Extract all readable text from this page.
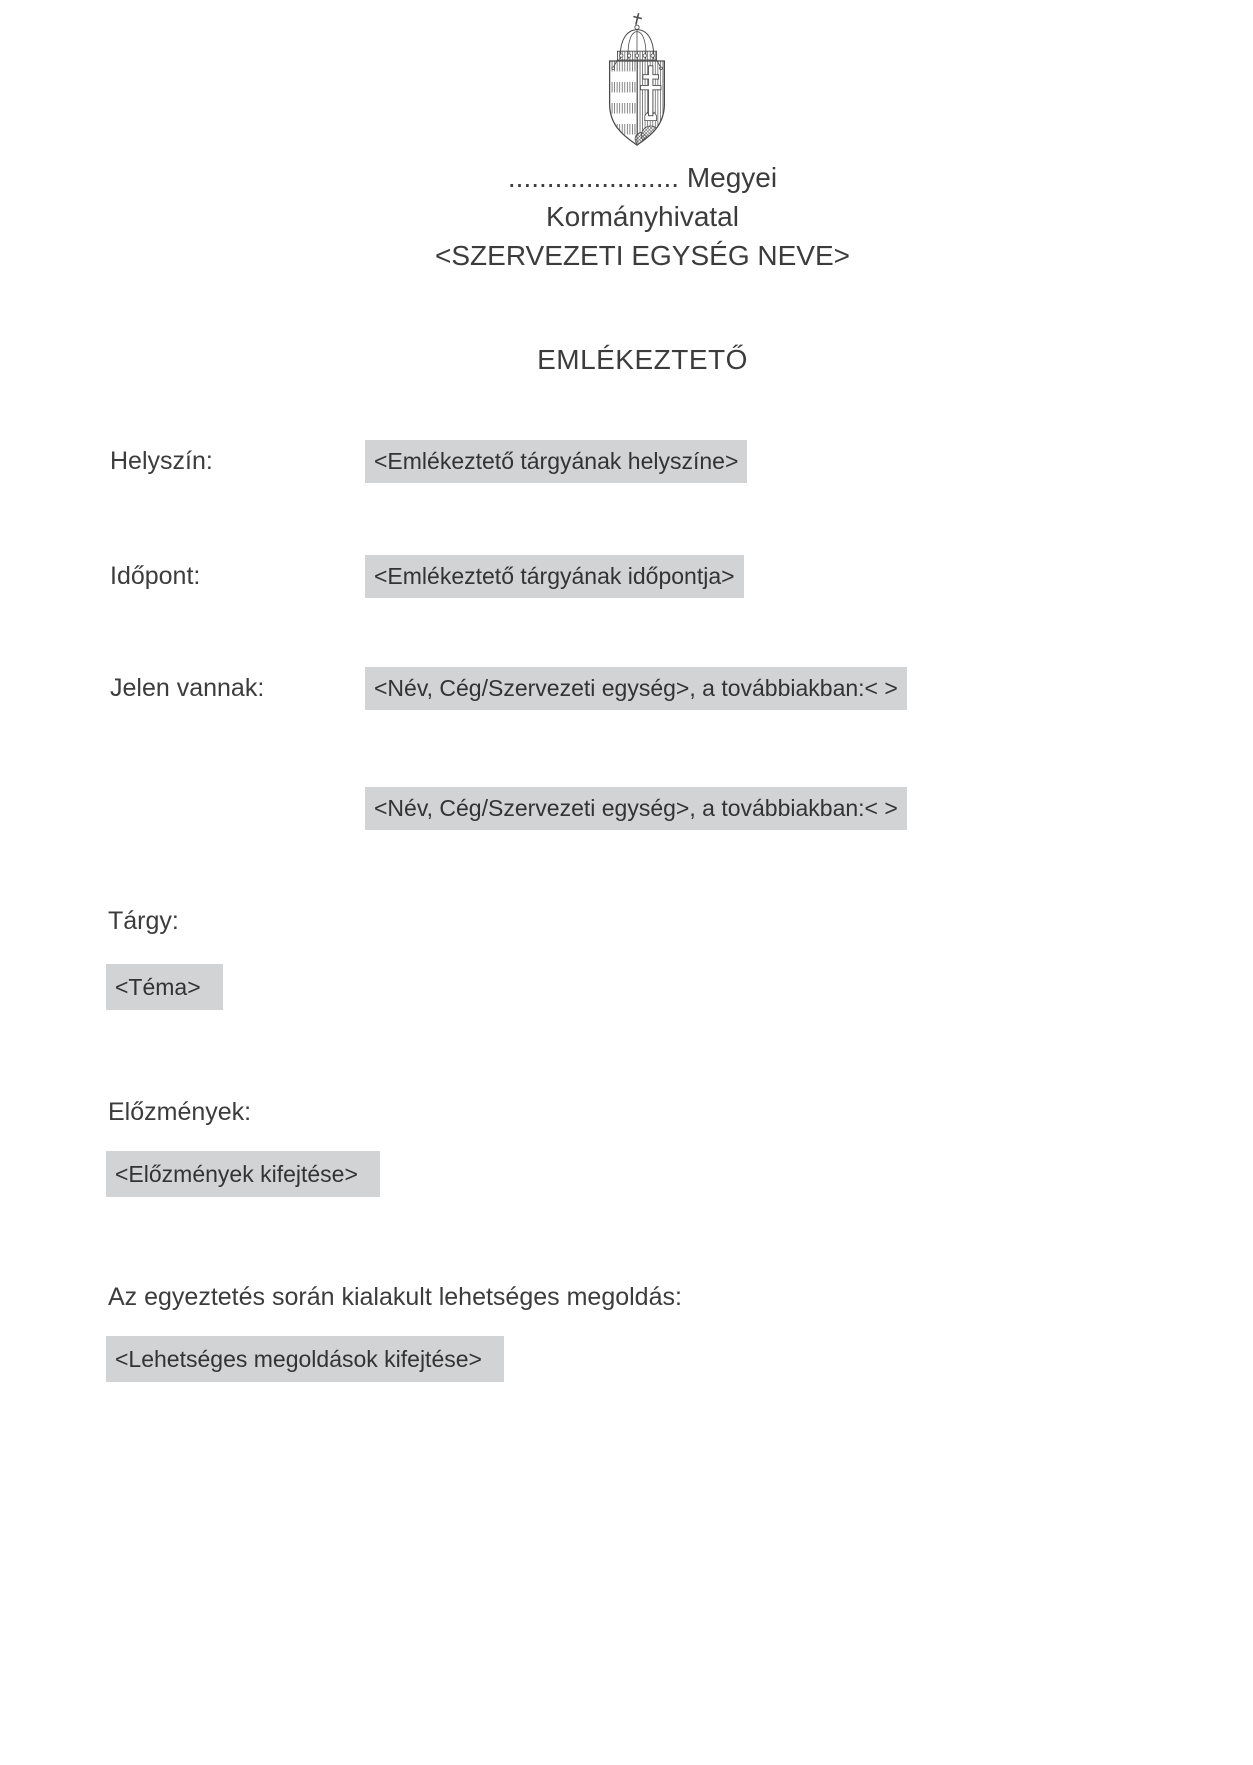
...................... Megyei
Kormányhivatal
<SZERVEZETI EGYSÉG NEVE>
EMLÉKEZTETŐ
Helyszín:	<Emlékeztető tárgyának helyszíne>
Időpont:	<Emlékeztető tárgyának időpontja>
Jelen vannak:	<Név, Cég/Szervezeti egység>, a továbbiakban:< >
<Név, Cég/Szervezeti egység>, a továbbiakban:< >
Tárgy:
<Téma>
Előzmények:
<Előzmények kifejtése>
Az egyeztetés során kialakult lehetséges megoldás:
<Lehetséges megoldások kifejtése>
